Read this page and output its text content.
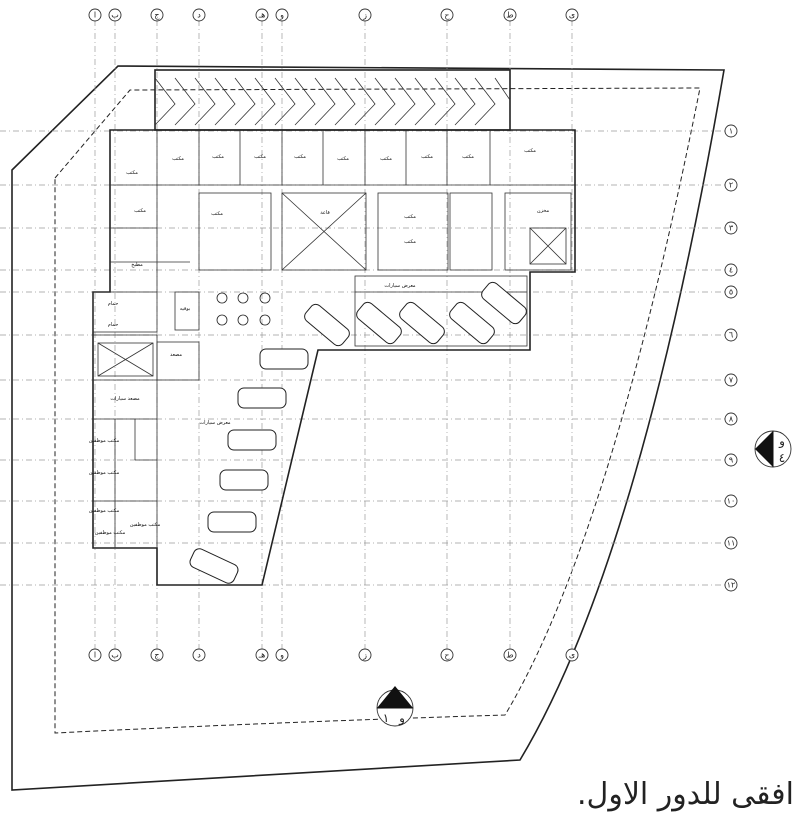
ا ب	ج	د	هـ و	ز	ح	ط	ى
ا ب	ج	د	هـ و	ز	ح	ط	ى
١
٢
٣
٤
٥
٦
٧
٨
٩
١٠
١١
١٢
مكتب	مكتب	مكتب	مكتب	مكتب	مكتب	مكتب	مكتب
مكتب
مكتب
مكتب	مكتب	مكتب
مكتب
قاعة	مخزن
مطبخ
بوفيه
حمام
حمام
مصعد
مصعد سيارات
معرض سيارات
معرض سيارات
مكتب موظفين
مكتب موظفين
مكتب موظفين
مكتب موظفين
مكتب موظفين
و
١
و
٤
افقى للدور الاول.
